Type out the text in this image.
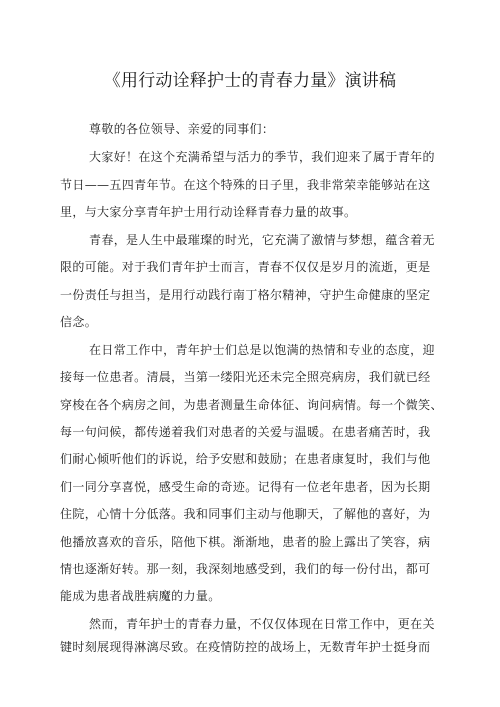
《用行动诠释护士的青春力量》演讲稿
尊敬的各位领导、亲爱的同事们：
大家好！在这个充满希望与活力的季节，我们迎来了属于青年的
节日——五四青年节。在这个特殊的日子里，我非常荣幸能够站在这
里，与大家分享青年护士用行动诠释青春力量的故事。
青春，是人生中最璀璨的时光，它充满了激情与梦想，蕴含着无
限的可能。对于我们青年护士而言，青春不仅仅是岁月的流逝，更是
一份责任与担当，是用行动践行南丁格尔精神，守护生命健康的坚定
信念。
在日常工作中，青年护士们总是以饱满的热情和专业的态度，迎
接每一位患者。清晨，当第一缕阳光还未完全照亮病房，我们就已经
穿梭在各个病房之间，为患者测量生命体征、询问病情。每一个微笑、
每一句问候，都传递着我们对患者的关爱与温暖。在患者痛苦时，我
们耐心倾听他们的诉说，给予安慰和鼓励；在患者康复时，我们与他
们一同分享喜悦，感受生命的奇迹。记得有一位老年患者，因为长期
住院，心情十分低落。我和同事们主动与他聊天，了解他的喜好，为
他播放喜欢的音乐，陪他下棋。渐渐地，患者的脸上露出了笑容，病
情也逐渐好转。那一刻，我深刻地感受到，我们的每一份付出，都可
能成为患者战胜病魔的力量。
然而，青年护士的青春力量，不仅仅体现在日常工作中，更在关
键时刻展现得淋漓尽致。在疫情防控的战场上，无数青年护士挺身而
